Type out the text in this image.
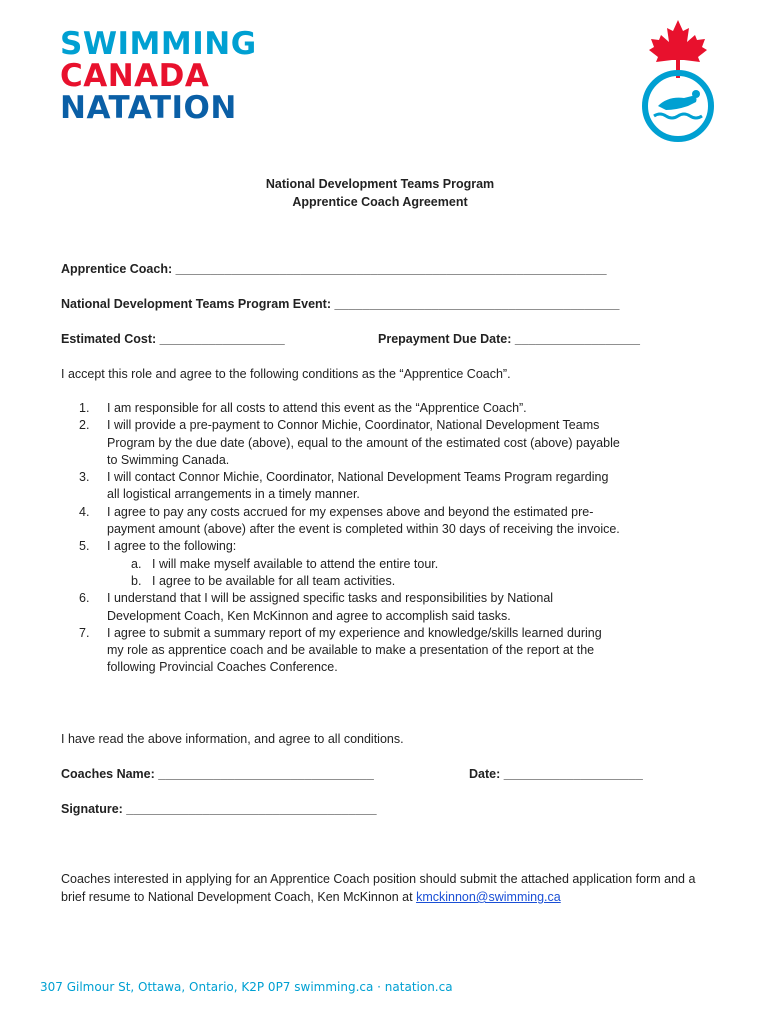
SWIMMING
CANADA
NATATION
National Development Teams Program
Apprentice Coach Agreement
Apprentice Coach: ______________________________________________________________
National Development Teams Program Event: _________________________________________
Estimated Cost: __________________	Prepayment Due Date: __________________
I accept this role and agree to the following conditions as the “Apprentice Coach”.
1. I am responsible for all costs to attend this event as the “Apprentice Coach”.
2. I will provide a pre-payment to Connor Michie, Coordinator, National Development Teams Program by the due date (above), equal to the amount of the estimated cost (above) payable to Swimming Canada.
3. I will contact Connor Michie, Coordinator, National Development Teams Program regarding all logistical arrangements in a timely manner.
4. I agree to pay any costs accrued for my expenses above and beyond the estimated pre-payment amount (above) after the event is completed within 30 days of receiving the invoice.
5. I agree to the following:
a. I will make myself available to attend the entire tour.
b. I agree to be available for all team activities.
6. I understand that I will be assigned specific tasks and responsibilities by National Development Coach, Ken McKinnon and agree to accomplish said tasks.
7. I agree to submit a summary report of my experience and knowledge/skills learned during my role as apprentice coach and be available to make a presentation of the report at the following Provincial Coaches Conference.
I have read the above information, and agree to all conditions.
Coaches Name: _______________________________	Date: ____________________
Signature: ____________________________________
Coaches interested in applying for an Apprentice Coach position should submit the attached application form and a brief resume to National Development Coach, Ken McKinnon at kmckinnon@swimming.ca
307 Gilmour St, Ottawa, Ontario, K2P 0P7 swimming.ca · natation.ca
